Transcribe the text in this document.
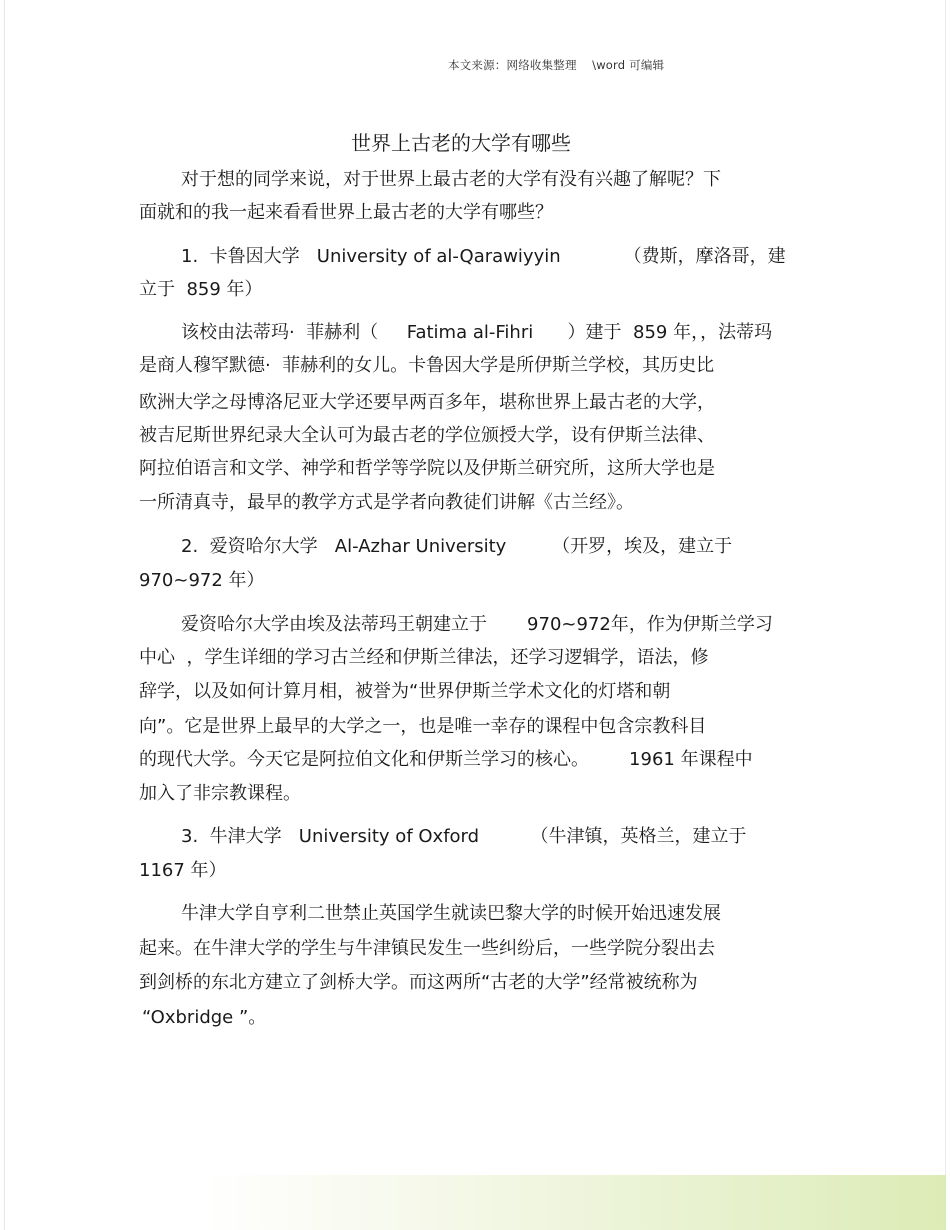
本文来源：网络收集整理    \word 可编辑
世界上古老的大学有哪些
对于想的同学来说，对于世界上最古老的大学有没有兴趣了解呢？下
面就和的我一起来看看世界上最古老的大学有哪些？
1.  卡鲁因大学   University of al-Qarawiyyin           （费斯，摩洛哥，建
立于  859 年）
该校由法蒂玛·  菲赫利（     Fatima al-Fihri      ）建于  859 年，，法蒂玛
是商人穆罕默德·  菲赫利的女儿。卡鲁因大学是所伊斯兰学校，其历史比
欧洲大学之母博洛尼亚大学还要早两百多年，堪称世界上最古老的大学，
被吉尼斯世界纪录大全认可为最古老的学位颁授大学，设有伊斯兰法律、
阿拉伯语言和文学、神学和哲学等学院以及伊斯兰研究所，这所大学也是
一所清真寺，最早的教学方式是学者向教徒们讲解《古兰经》。
2.  爱资哈尔大学   Al-Azhar University        （开罗，埃及，建立于
970~972 年）
爱资哈尔大学由埃及法蒂玛王朝建立于       970~972年，作为伊斯兰学习
中心  ，学生详细的学习古兰经和伊斯兰律法，还学习逻辑学，语法，修
辞学，以及如何计算月相，被誉为“世界伊斯兰学术文化的灯塔和朝
向”。它是世界上最早的大学之一，也是唯一幸存的课程中包含宗教科目
的现代大学。今天它是阿拉伯文化和伊斯兰学习的核心。       1961 年课程中
加入了非宗教课程。
3.  牛津大学   University of Oxford         （牛津镇，英格兰，建立于
1167 年）
牛津大学自亨利二世禁止英国学生就读巴黎大学的时候开始迅速发展
起来。在牛津大学的学生与牛津镇民发生一些纠纷后，一些学院分裂出去
到剑桥的东北方建立了剑桥大学。而这两所“古老的大学”经常被统称为
“Oxbridge ”。
